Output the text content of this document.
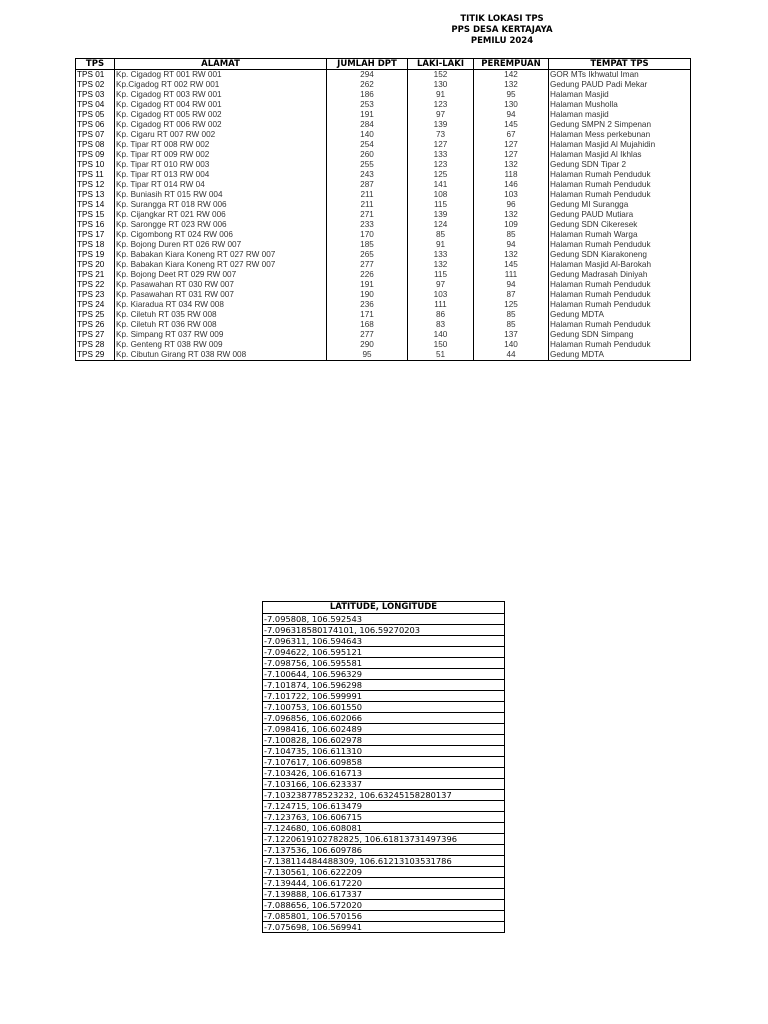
TITIK LOKASI TPS
PPS DESA KERTAJAYA
PEMILU 2024
TPS	ALAMAT	JUMLAH DPT	LAKI-LAKI	PEREMPUAN	TEMPAT TPS
TPS 01	Kp. Cigadog RT 001 RW 001	294	152	142	GOR MTs Ikhwatul Iman
TPS 02	Kp.Cigadog RT 002 RW 001	262	130	132	Gedung PAUD Padi Mekar
TPS 03	Kp. Cigadog RT 003 RW 001	186	91	95	Halaman Masjid
TPS 04	Kp. Cigadog RT 004 RW 001	253	123	130	Halaman Musholla
TPS 05	Kp. Cigadog RT 005 RW 002	191	97	94	Halaman masjid
TPS 06	Kp. Cigadog RT 006 RW 002	284	139	145	Gedung SMPN 2 Simpenan
TPS 07	Kp. Cigaru RT 007 RW 002	140	73	67	Halaman Mess perkebunan
TPS 08	Kp. Tipar RT 008 RW 002	254	127	127	Halaman Masjid Al Mujahidin
TPS 09	Kp. Tipar RT 009 RW 002	260	133	127	Halaman Masjid Al Ikhlas
TPS 10	Kp. Tipar RT 010 RW 003	255	123	132	Gedung SDN Tipar 2
TPS 11	Kp. Tipar RT 013 RW 004	243	125	118	Halaman Rumah Penduduk
TPS 12	Kp. Tipar RT 014 RW 04	287	141	146	Halaman Rumah Penduduk
TPS 13	Kp. Buniasih RT 015 RW 004	211	108	103	Halaman Rumah Penduduk
TPS 14	Kp. Surangga RT 018 RW 006	211	115	96	Gedung MI Surangga
TPS 15	Kp. Cijangkar RT 021 RW 006	271	139	132	Gedung PAUD Mutiara
TPS 16	Kp. Sarongge RT 023 RW 006	233	124	109	Gedung SDN Cikeresek
TPS 17	Kp. Cigombong RT 024 RW 006	170	85	85	Halaman Rumah Warga
TPS 18	Kp. Bojong Duren RT 026 RW 007	185	91	94	Halaman Rumah Penduduk
TPS 19	Kp. Babakan Kiara Koneng RT 027 RW 007	265	133	132	Gedung SDN Kiarakoneng
TPS 20	Kp. Babakan Kiara Koneng RT 027 RW 007	277	132	145	Halaman Masjid Al-Barokah
TPS 21	Kp. Bojong Deet RT 029 RW 007	226	115	111	Gedung Madrasah Diniyah
TPS 22	Kp. Pasawahan RT 030 RW 007	191	97	94	Halaman Rumah Penduduk
TPS 23	Kp. Pasawahan RT 031 RW 007	190	103	87	Halaman Rumah Penduduk
TPS 24	Kp. Kiaradua RT 034 RW 008	236	111	125	Halaman Rumah Penduduk
TPS 25	Kp. Ciletuh RT 035 RW 008	171	86	85	Gedung MDTA
TPS 26	Kp. Ciletuh RT 036 RW 008	168	83	85	Halaman Rumah Penduduk
TPS 27	Kp. Simpang RT 037 RW 009	277	140	137	Gedung SDN Simpang
TPS 28	Kp. Genteng RT 038 RW 009	290	150	140	Halaman Rumah Penduduk
TPS 29	Kp. Cibutun Girang RT 038 RW 008	95	51	44	Gedung MDTA
LATITUDE, LONGITUDE
-7.095808, 106.592543
-7.096318580174101, 106.59270203
-7.096311, 106.594643
-7.094622, 106.595121
-7.098756, 106.595581
-7.100644, 106.596329
-7.101874, 106.596298
-7.101722, 106.599991
-7.100753, 106.601550
-7.096856, 106.602066
-7.098416, 106.602489
-7.100828, 106.602978
-7.104735, 106.611310
-7.107617, 106.609858
-7.103426, 106.616713
-7.103166, 106.623337
-7.103238778523232, 106.63245158280137
-7.124715, 106.613479
-7.123763, 106.606715
-7.124680, 106.608081
-7.1220619102782825, 106.61813731497396
-7.137536, 106.609786
-7.138114484488309, 106.61213103531786
-7.130561, 106.622209
-7.139444, 106.617220
-7.139888, 106.617337
-7.088656, 106.572020
-7.085801, 106.570156
-7.075698, 106.569941
